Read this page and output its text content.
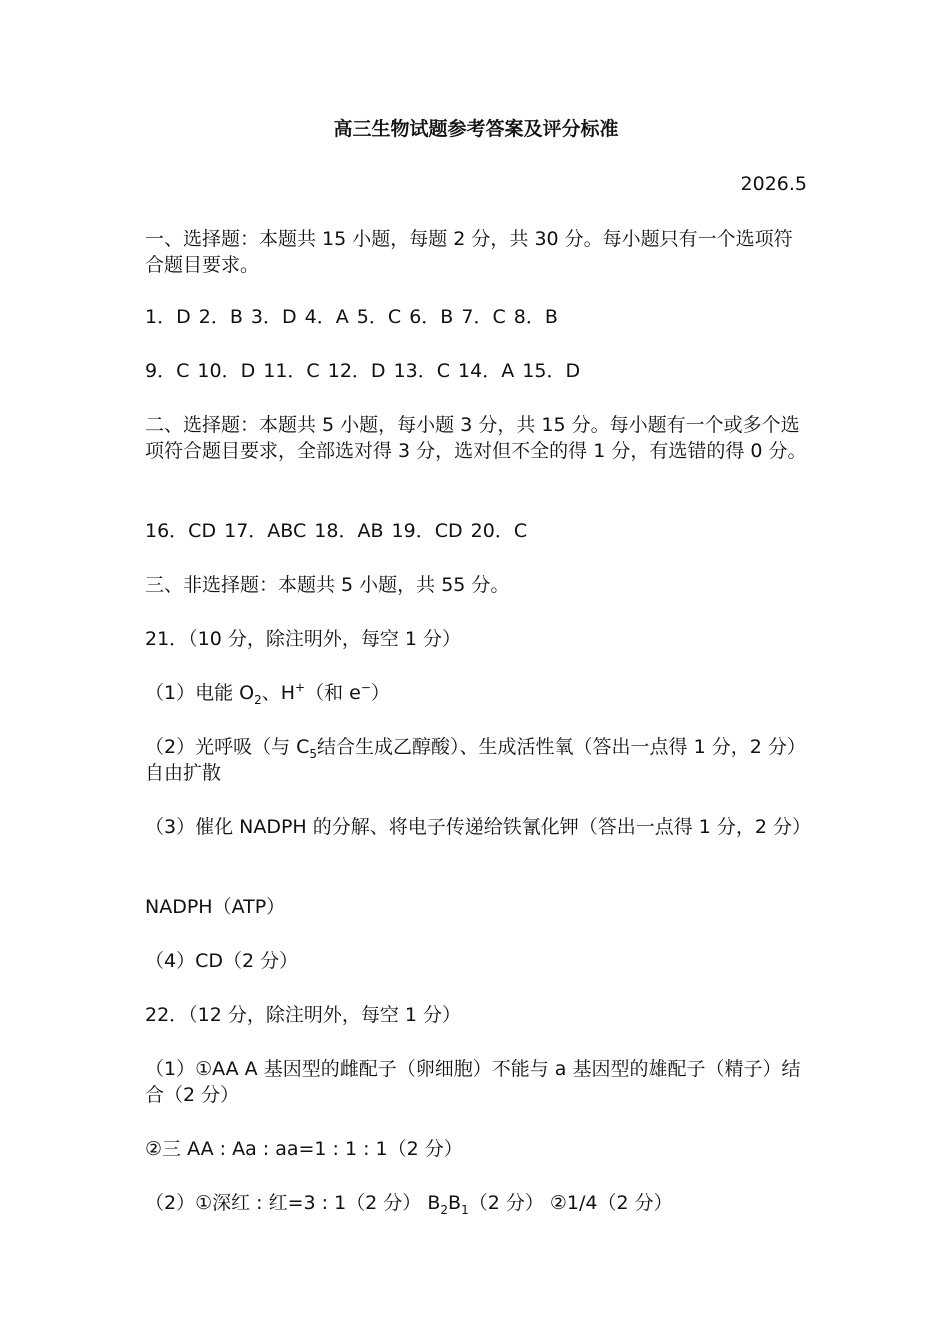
高三生物试题参考答案及评分标准
2026.5
一、选择题：本题共 15 小题，每题 2 分，共 30 分。每小题只有一个选项符合题目要求。
1．D 2．B 3．D 4．A 5．C 6．B 7．C 8．B
9．C 10．D 11．C 12．D 13．C 14．A 15．D
二、选择题：本题共 5 小题，每小题 3 分，共 15 分。每小题有一个或多个选项符合题目要求，全部选对得 3 分，选对但不全的得 1 分，有选错的得 0 分。
16．CD 17．ABC 18．AB 19．CD 20．C
三、非选择题：本题共 5 小题，共 55 分。
21．（10 分，除注明外，每空 1 分）
（1）电能 $O_2$、H+（和 e−）
（2）光呼吸（与 $C_5$结合生成乙醇酸）、生成活性氧（答出一点得 1 分，2 分） 自由扩散
（3）催化 NADPH 的分解、将电子传递给铁氰化钾（答出一点得 1 分，2 分）
NADPH（ATP）
（4）CD（2 分）
22．（12 分，除注明外，每空 1 分）
（1）①AA A 基因型的雌配子（卵细胞）不能与 a 基因型的雄配子（精子）结合（2 分）
②三 AA : Aa : aa=1 : 1 : 1（2 分）
（2）①深红 : 红=3 : 1（2 分） $B_2B_1(2$ 分） ②1/4（2 分）
